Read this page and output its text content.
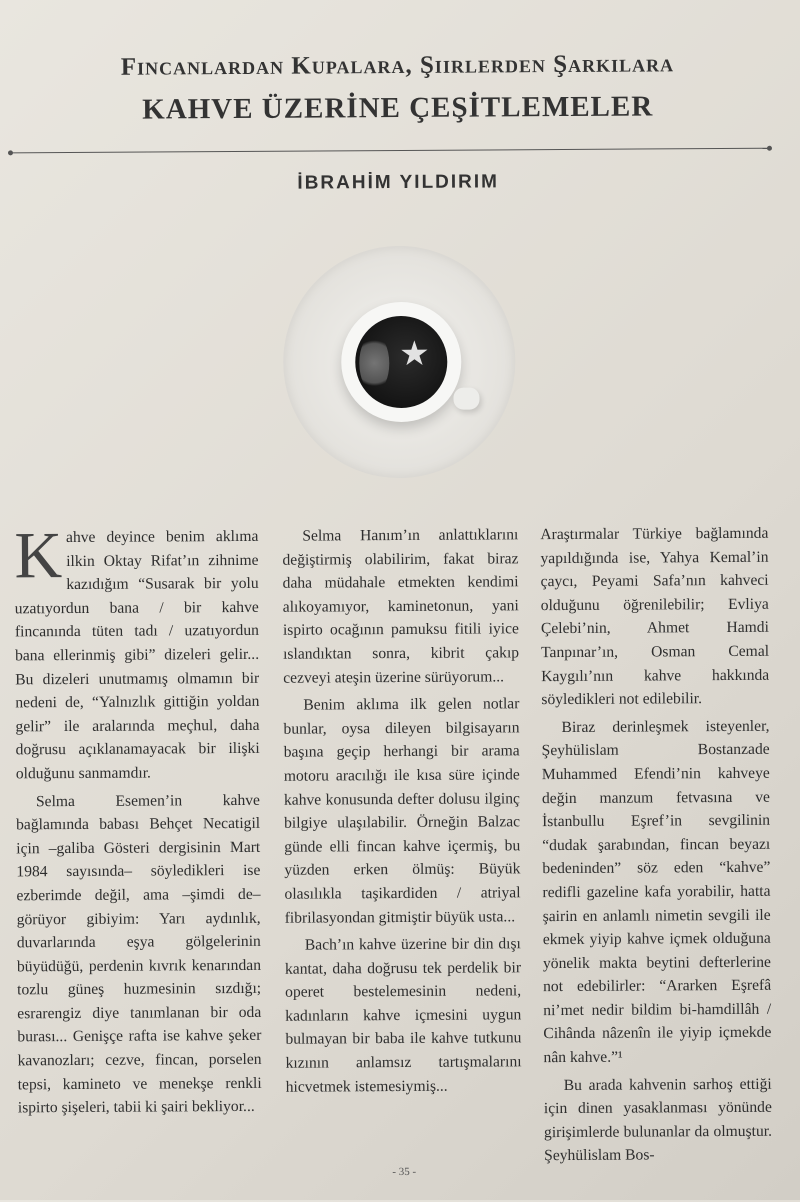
Fincanlardan Kupalara, Şiirlerden Şarkılara
KAHVE ÜZERİNE ÇEŞİTLEMELER
İBRAHİM YILDIRIM
★

Kahve deyince benim aklıma ilkin Oktay Rifat’ın zihnime kazıdığım “Susarak bir yolu uzatıyordun bana / bir kahve fincanında tüten tadı / uzatıyordun bana ellerinmiş gibi” dizeleri gelir... Bu dizeleri unutmamış olmamın bir nedeni de, “Yalnızlık gittiğin yoldan gelir” ile aralarında meçhul, daha doğrusu açıklanamayacak bir ilişki olduğunu sanmamdır.

Selma Esemen’in kahve bağlamında babası Behçet Necatigil için –galiba Gösteri dergisinin Mart 1984 sayısında– söyledikleri ise ezberimde değil, ama –şimdi de– görüyor gibiyim: Yarı aydınlık, duvarlarında eşya gölgelerinin büyüdüğü, perdenin kıvrık kenarından tozlu güneş huzmesinin sızdığı; esrarengiz diye tanımlanan bir oda burası... Genişçe rafta ise kahve şeker kavanozları; cezve, fincan, porselen tepsi, kamineto ve menekşe renkli ispirto şişeleri, tabii ki şairi bekliyor...

Selma Hanım’ın anlattıklarını değiştirmiş olabilirim, fakat biraz daha müdahale etmekten kendimi alıkoyamıyor, kaminetonun, yani ispirto ocağının pamuksu fitili iyice ıslandıktan sonra, kibrit çakıp cezveyi ateşin üzerine sürüyorum...

Benim aklıma ilk gelen notlar bunlar, oysa dileyen bilgisayarın başına geçip herhangi bir arama motoru aracılığı ile kısa süre içinde kahve konusunda defter dolusu ilginç bilgiye ulaşılabilir. Örneğin Balzac günde elli fincan kahve içermiş, bu yüzden erken ölmüş: Büyük olasılıkla taşikardiden / atriyal fibrilasyondan gitmiştir büyük usta...

Bach’ın kahve üzerine bir din dışı kantat, daha doğrusu tek perdelik bir operet bestelemesinin nedeni, kadınların kahve içmesini uygun bulmayan bir baba ile kahve tutkunu kızının anlamsız tartışmalarını hicvetmek istemesiymiş...

Araştırmalar Türkiye bağlamında yapıldığında ise, Yahya Kemal’in çaycı, Peyami Safa’nın kahveci olduğunu öğrenilebilir; Evliya Çelebi’nin, Ahmet Hamdi Tanpınar’ın, Osman Cemal Kaygılı’nın kahve hakkında söyledikleri not edilebilir.

Biraz derinleşmek isteyenler, Şeyhülislam Bostanzade Muhammed Efendi’nin kahveye değin manzum fetvasına ve İstanbullu Eşref’in sevgilinin “dudak şarabından, fincan beyazı bedeninden” söz eden “kahve” redifli gazeline kafa yorabilir, hatta şairin en anlamlı nimetin sevgili ile ekmek yiyip kahve içmek olduğuna yönelik makta beytini defterlerine not edebilirler: “Ararken Eşrefâ ni’met nedir bildim bi-hamdillâh / Cihânda nâzenîn ile yiyip içmekde nân kahve.”¹

Bu arada kahvenin sarhoş ettiği için dinen yasaklanması yönünde girişimlerde bulunanlar da olmuştur. Şeyhülislam Bos-

- 35 -
